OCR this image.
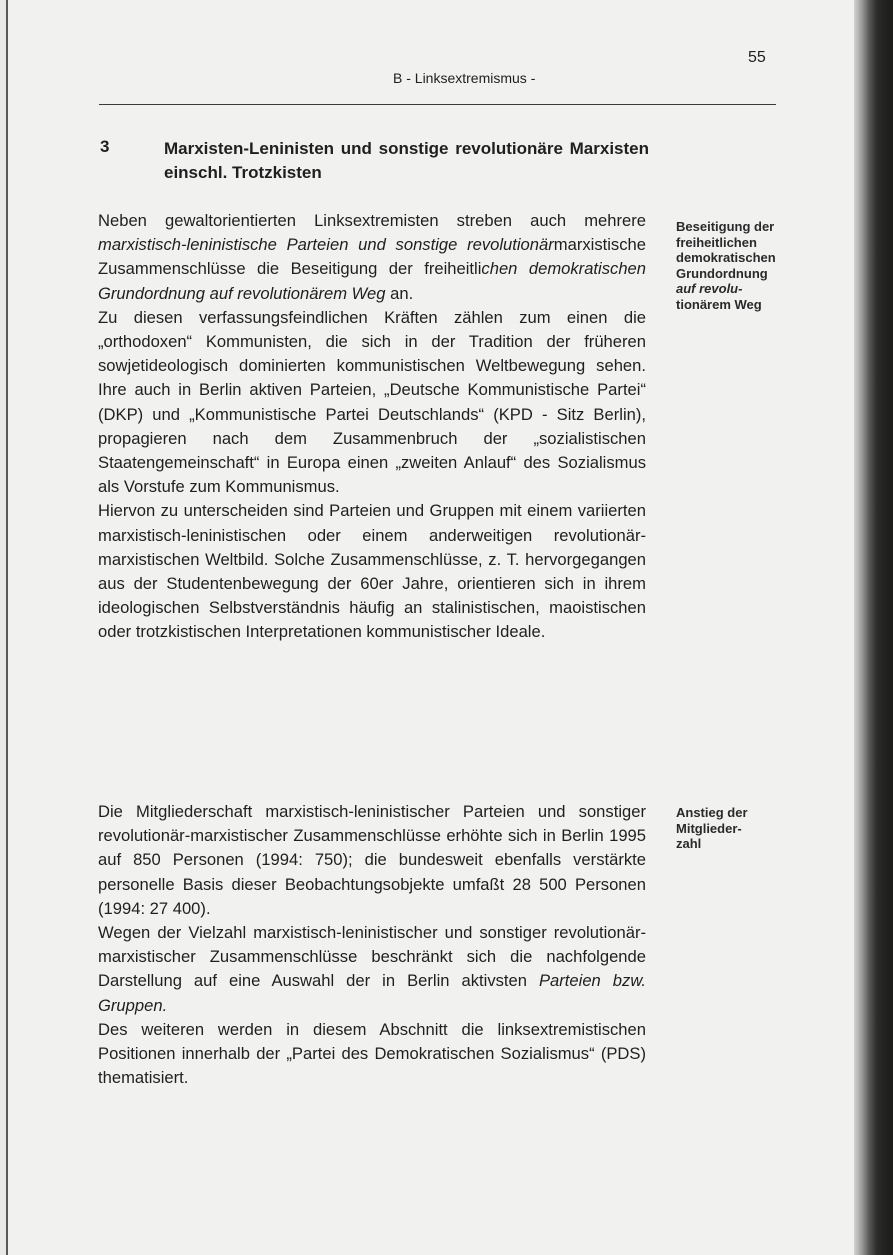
55
B - Linksextremismus -
3	Marxisten-Leninisten und sonstige revolutionäre Marxisten einschl. Trotzkisten

Neben gewaltorientierten Linksextremisten streben auch mehrere marxistisch-leninistische Parteien und sonstige revolutionärmarxistische Zusammenschlüsse die Beseitigung der freiheitlichen demokratischen Grundordnung auf revolutionärem Weg an.

Zu diesen verfassungsfeindlichen Kräften zählen zum einen die „orthodoxen“ Kommunisten, die sich in der Tradition der früheren sowjetideologisch dominierten kommunistischen Weltbewegung sehen. Ihre auch in Berlin aktiven Parteien, „Deutsche Kommunistische Partei“ (DKP) und „Kommunistische Partei Deutschlands“ (KPD - Sitz Berlin), propagieren nach dem Zusammenbruch der „sozialistischen Staatengemeinschaft“ in Europa einen „zweiten Anlauf“ des Sozialismus als Vorstufe zum Kommunismus.

Hiervon zu unterscheiden sind Parteien und Gruppen mit einem variierten marxistisch-leninistischen oder einem anderweitigen revolutionär-marxistischen Weltbild. Solche Zusammenschlüsse, z. T. hervorgegangen aus der Studentenbewegung der 60er Jahre, orientieren sich in ihrem ideologischen Selbstverständnis häufig an stalinistischen, maoistischen oder trotzkistischen Interpretationen kommunistischer Ideale.

Die Mitgliederschaft marxistisch-leninistischer Parteien und sonstiger revolutionär-marxistischer Zusammenschlüsse erhöhte sich in Berlin 1995 auf 850 Personen (1994: 750); die bundesweit ebenfalls verstärkte personelle Basis dieser Beobachtungsobjekte umfaßt 28 500 Personen (1994: 27 400).

Wegen der Vielzahl marxistisch-leninistischer und sonstiger revolutionär-marxistischer Zusammenschlüsse beschränkt sich die nachfolgende Darstellung auf eine Auswahl der in Berlin aktivsten Parteien bzw. Gruppen.

Des weiteren werden in diesem Abschnitt die linksextremistischen Positionen innerhalb der „Partei des Demokratischen Sozialismus“ (PDS) thematisiert.

Beseitigung der
freiheitlichen
demokratischen
Grundordnung
auf revolu-
tionärem Weg
Anstieg der
Mitglieder-
zahl
